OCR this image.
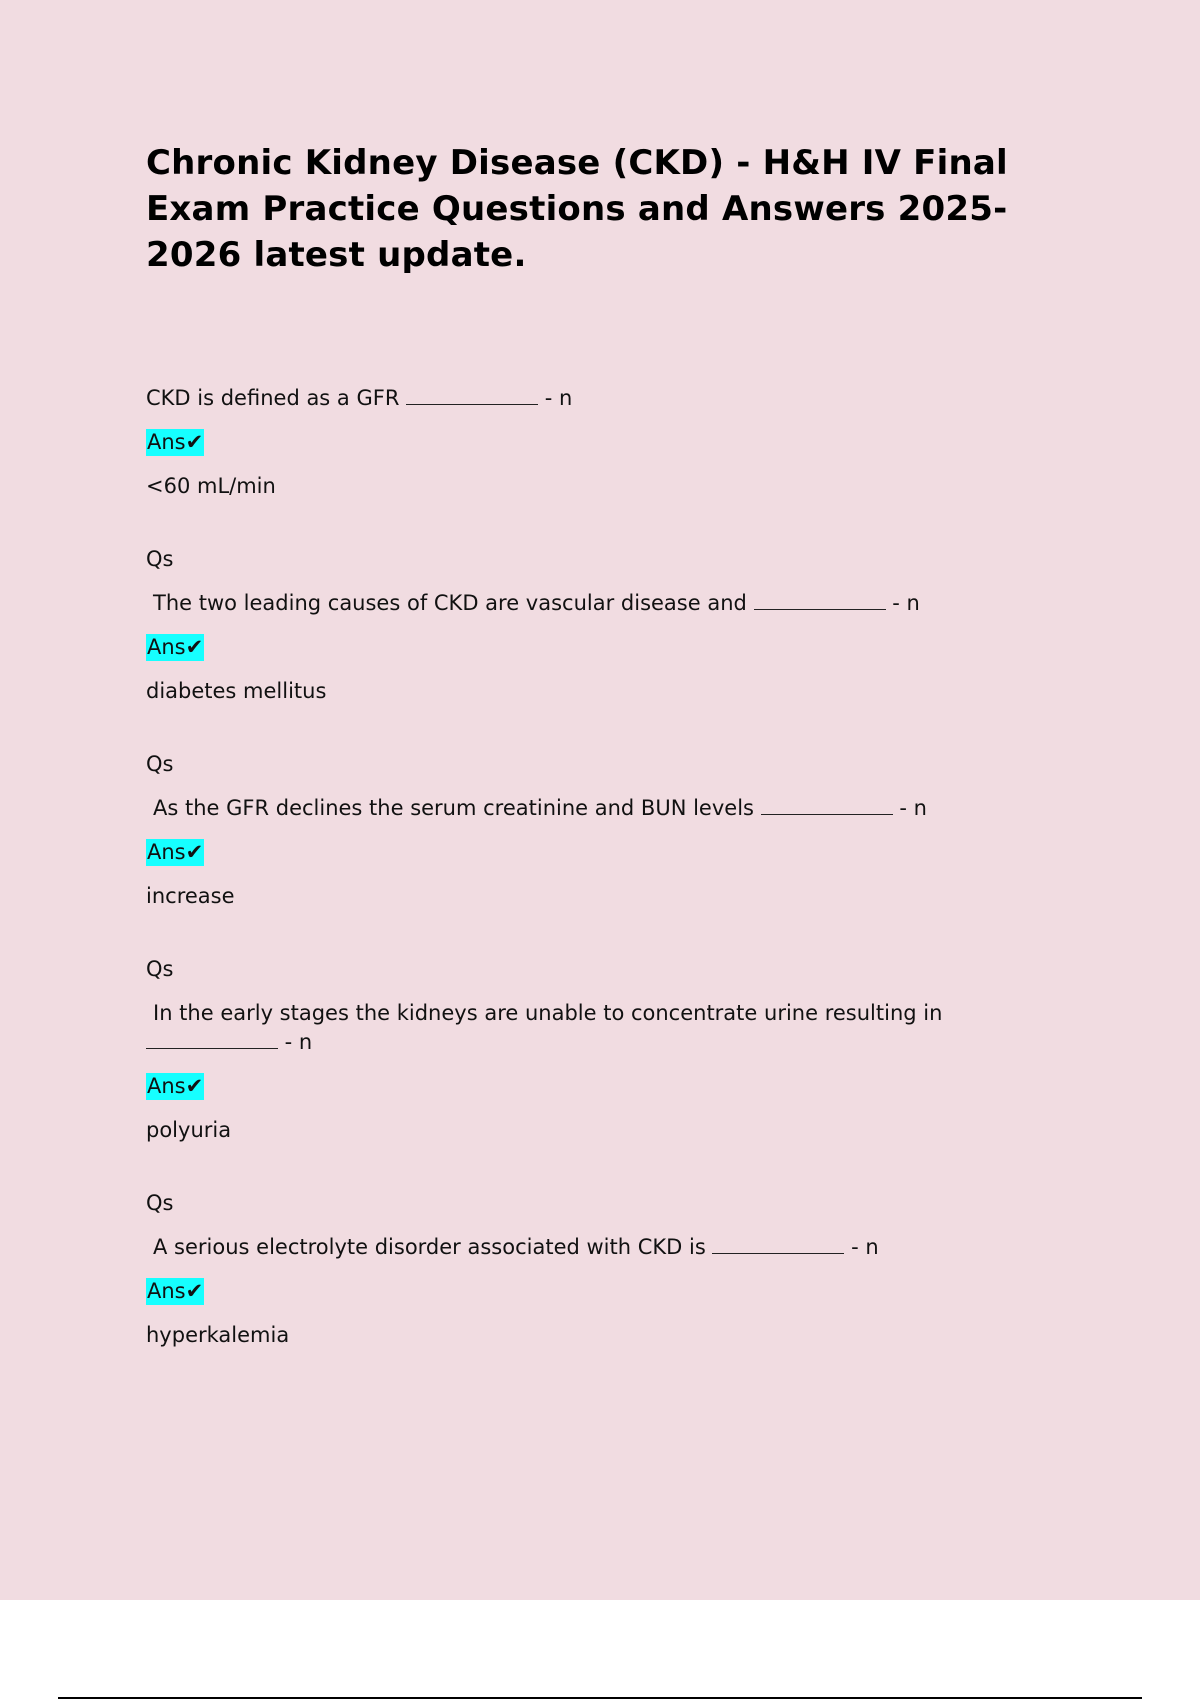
Chronic Kidney Disease (CKD) - H&H IV Final Exam Practice Questions and Answers 2025-2026 latest update.
CKD is defined as a GFR	- n
Ans✔
<60 mL/min
Qs
The two leading causes of CKD are vascular disease and	- n
Ans✔
diabetes mellitus
Qs
As the GFR declines the serum creatinine and BUN levels	- n
Ans✔
increase
Qs
In the early stages the kidneys are unable to concentrate urine resulting in
- n
Ans✔
polyuria
Qs
A serious electrolyte disorder associated with CKD is	- n
Ans✔
hyperkalemia
